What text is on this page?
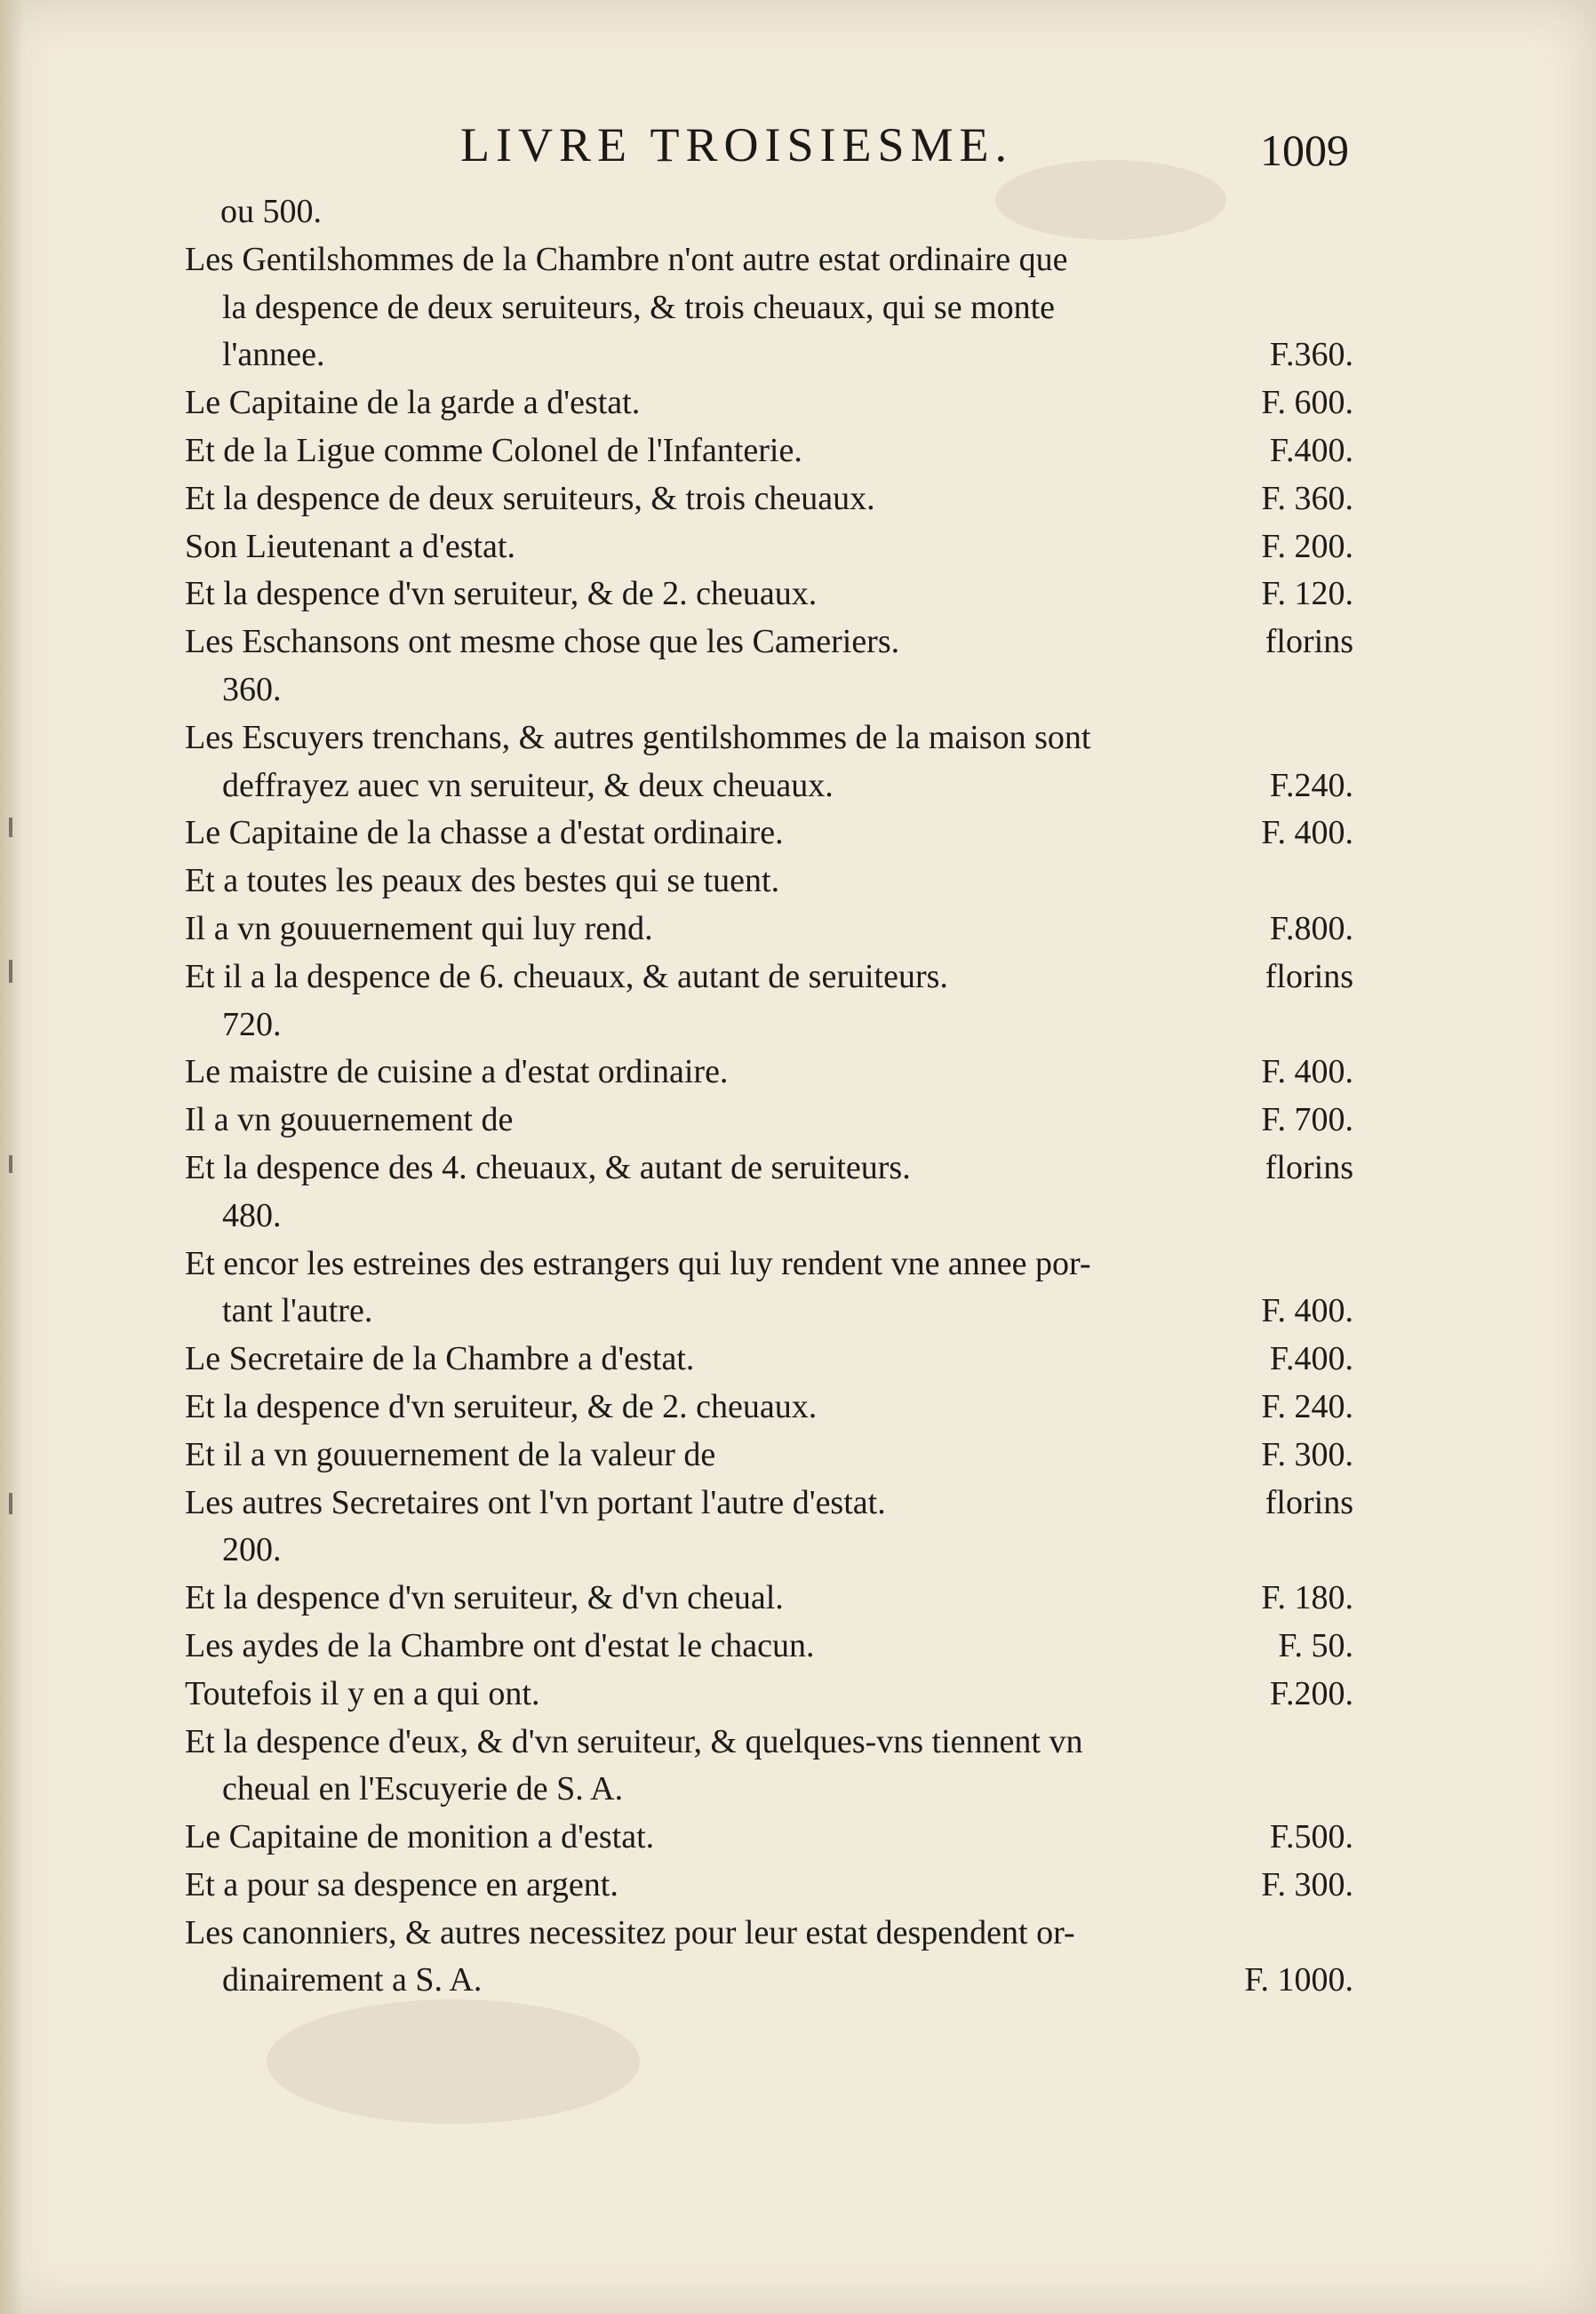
LIVRE TROISIESME.	1009
ou 500.
Les Gentilshommes de la Chambre n'ont autre estat ordinaire que
la despence de deux seruiteurs, & trois cheuaux, qui se monte
l'annee.	F.360.
Le Capitaine de la garde a d'estat.	F. 600.
Et de la Ligue comme Colonel de l'Infanterie.	F.400.
Et la despence de deux seruiteurs, & trois cheuaux.	F. 360.
Son Lieutenant a d'estat.	F. 200.
Et la despence d'vn seruiteur, & de 2. cheuaux.	F. 120.
Les Eschansons ont mesme chose que les Cameriers.	florins
360.
Les Escuyers trenchans, & autres gentilshommes de la maison sont
deffrayez auec vn seruiteur, & deux cheuaux.	F.240.
Le Capitaine de la chasse a d'estat ordinaire.	F. 400.
Et a toutes les peaux des bestes qui se tuent.
Il a vn gouuernement qui luy rend.	F.800.
Et il a la despence de 6. cheuaux, & autant de seruiteurs.	florins
720.
Le maistre de cuisine a d'estat ordinaire.	F. 400.
Il a vn gouuernement de	F. 700.
Et la despence des 4. cheuaux, & autant de seruiteurs.	florins
480.
Et encor les estreines des estrangers qui luy rendent vne annee por-
tant l'autre.	F. 400.
Le Secretaire de la Chambre a d'estat.	F.400.
Et la despence d'vn seruiteur, & de 2. cheuaux.	F. 240.
Et il a vn gouuernement de la valeur de	F. 300.
Les autres Secretaires ont l'vn portant l'autre d'estat.	florins
200.
Et la despence d'vn seruiteur, & d'vn cheual.	F. 180.
Les aydes de la Chambre ont d'estat le chacun.	F. 50.
Toutefois il y en a qui ont.	F.200.
Et la despence d'eux, & d'vn seruiteur, & quelques-vns tiennent vn
cheual en l'Escuyerie de S. A.
Le Capitaine de monition a d'estat.	F.500.
Et a pour sa despence en argent.	F. 300.
Les canonniers, & autres necessitez pour leur estat despendent or-
dinairement a S. A.	F. 1000.
